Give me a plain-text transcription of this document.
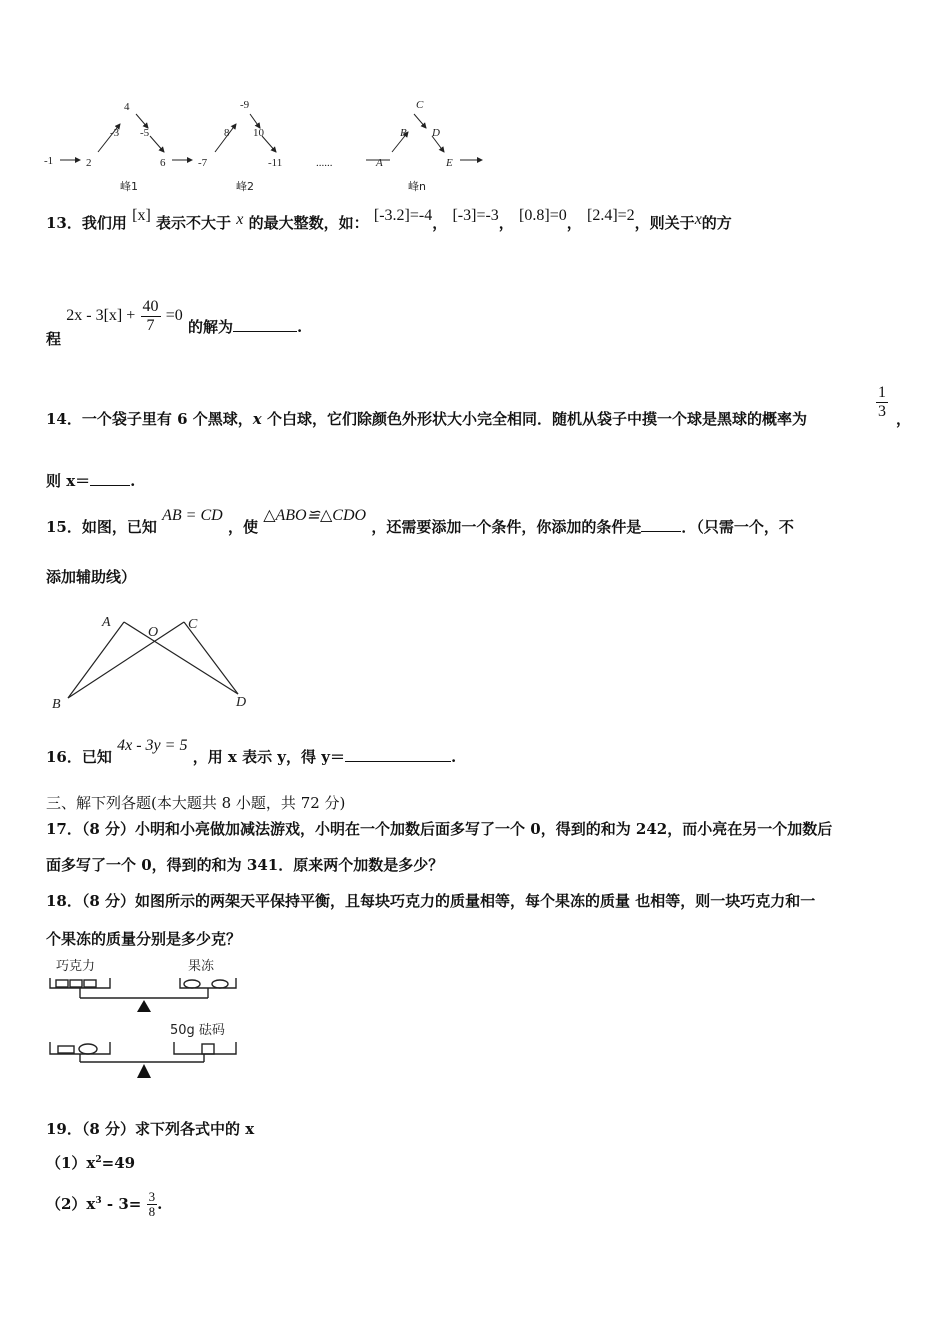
-1	2
-3
4
-5
6	-7
8
-9
10
-11	......	A
B
C
D
E
峰1	峰2	峰n
13．我们用 [x] 表示不大于 x 的最大整数，如： [-3.2]=-4， [-3]=-3， [0.8]=0， [2.4]=2，则关于x的方
程 $2x - 3[x] + \frac{40}{7} =0$ 的解为	.
14．一个袋子里有 6 个黑球，x 个白球，它们除颜色外形状大小完全相同．随机从袋子中摸一个球是黑球的概率为	$\frac{1}{3}$ ，
则 x＝	.
15．如图，已知 AB = CD ，使 △ABO≌△CDO ，还需要添加一个条件，你添加的条件是	．（只需一个，不
添加辅助线）
A
O
C
B	D
16．已知 4x - 3y = 5 ，用 x 表示 y，得 y＝	.
三、解下列各题(本大题共 8 小题，共 72 分)
17．（8 分）小明和小亮做加减法游戏，小明在一个加数后面多写了一个 0，得到的和为 242，而小亮在另一个加数后
面多写了一个 0，得到的和为 341．原来两个加数是多少？
18．（8 分）如图所示的两架天平保持平衡，且每块巧克力的质量相等，每个果冻的质量 也相等，则一块巧克力和一
个果冻的质量分别是多少克？
巧克力	果冻
50g 砝码
19．（8 分）求下列各式中的 x
$(1)x^2=49$
$(2)x^3 - 3= \frac{3}{8}$ .
